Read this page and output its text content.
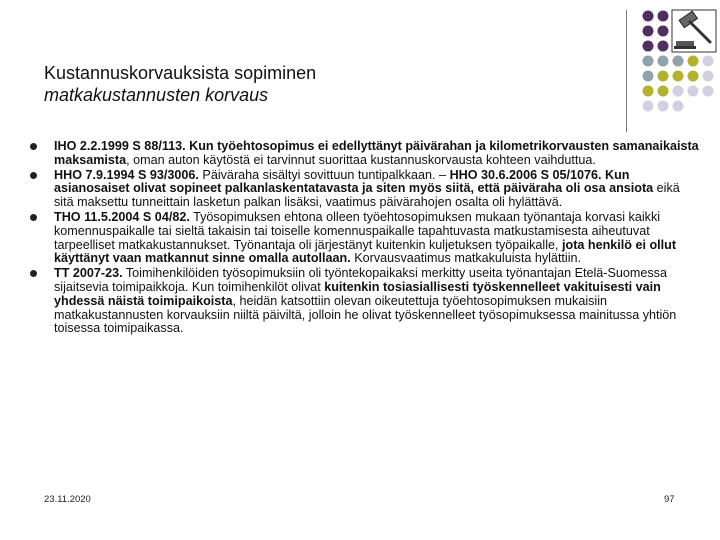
Kustannuskorvauksista sopiminen
matkakustannusten korvaus
IHO 2.2.1999 S 88/113. Kun työehtosopimus ei edellyttänyt päivärahan ja kilometrikorvausten samanaikaista maksamista, oman auton käytöstä ei tarvinnut suorittaa kustannuskorvausta kohteen vaihduttua.
HHO 7.9.1994 S 93/3006. Päiväraha sisältyi sovittuun tuntipalkkaan. – HHO 30.6.2006 S 05/1076. Kun asianosaiset olivat sopineet palkanlaskentatavasta ja siten myös siitä, että päiväraha oli osa ansiota eikä sitä maksettu tunneittain lasketun palkan lisäksi, vaatimus päivärahojen osalta oli hylättävä.
THO 11.5.2004 S 04/82. Työsopimuksen ehtona olleen työehtosopimuksen mukaan työnantaja korvasi kaikki komennuspaikalle tai sieltä takaisin tai toiselle komennuspaikalle tapahtuvasta matkustamisesta aiheutuvat tarpeelliset matkakustannukset. Työnantaja oli järjestänyt kuitenkin kuljetuksen työpaikalle, jota henkilö ei ollut käyttänyt vaan matkannut sinne omalla autollaan. Korvausvaatimus matkakuluista hylättiin.
TT 2007-23. Toimihenkilöiden työsopimuksiin oli työntekopaikaksi merkitty useita työnantajan Etelä-Suomessa sijaitsevia toimipaikkoja. Kun toimihenkilöt olivat kuitenkin tosiasiallisesti työskennelleet vakituisesti vain yhdessä näistä toimipaikoista, heidän katsottiin olevan oikeutettuja työehtosopimuksen mukaisiin matkakustannusten korvauksiin niiltä päiviltä, jolloin he olivat työskennelleet työsopimuksessa mainitussa yhtiön toisessa toimipaikassa.
23.11.2020	97
